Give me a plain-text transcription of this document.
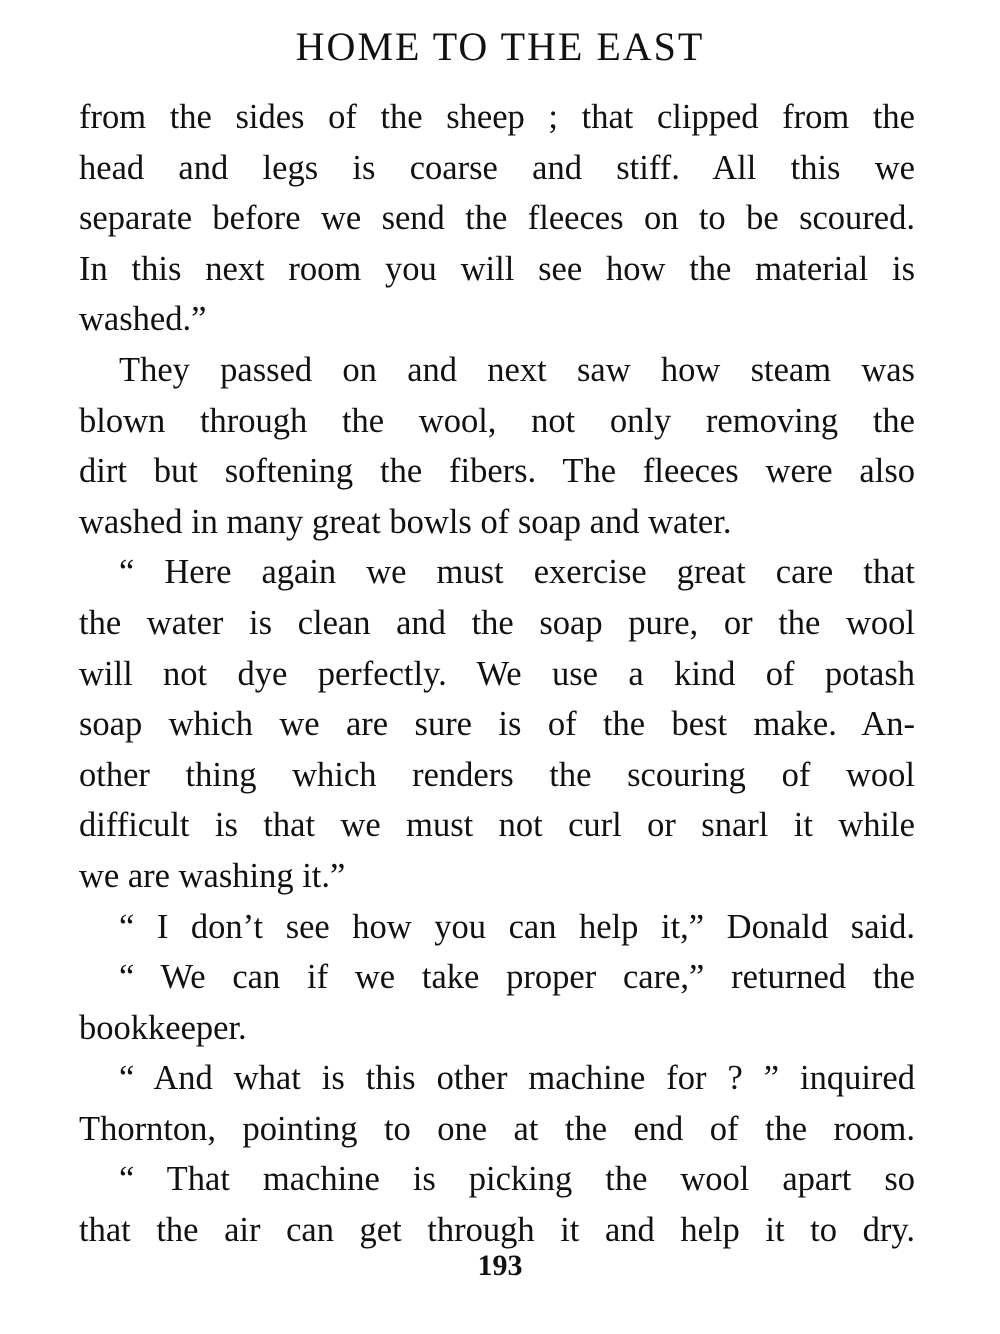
HOME TO THE EAST
from the sides of the sheep ; that clipped from the
head and legs is coarse and stiff. All this we
separate before we send the fleeces on to be scoured.
In this next room you will see how the material is
washed.”
They passed on and next saw how steam was
blown through the wool, not only removing the
dirt but softening the fibers. The fleeces were also
washed in many great bowls of soap and water.
“ Here again we must exercise great care that
the water is clean and the soap pure, or the wool
will not dye perfectly. We use a kind of potash
soap which we are sure is of the best make. An-
other thing which renders the scouring of wool
difficult is that we must not curl or snarl it while
we are washing it.”
“ I don’t see how you can help it,” Donald said.
“ We can if we take proper care,” returned the
bookkeeper.
“ And what is this other machine for ? ” inquired
Thornton, pointing to one at the end of the room.
“ That machine is picking the wool apart so
that the air can get through it and help it to dry.
193
